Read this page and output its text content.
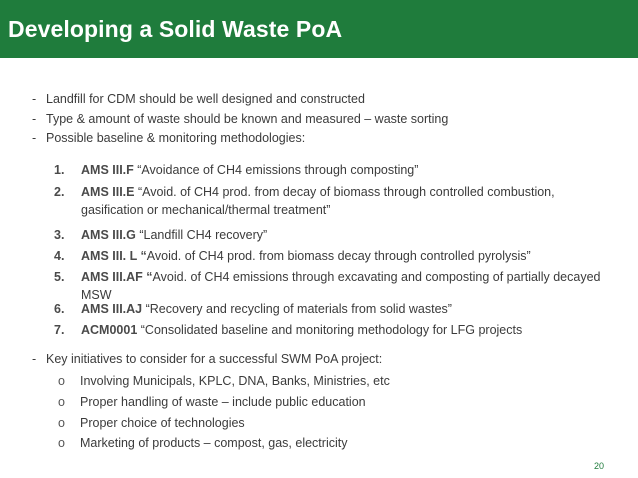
Developing a Solid Waste PoA
- Landfill for CDM should be well designed and constructed
- Type & amount of waste should be known and measured – waste sorting
- Possible baseline & monitoring methodologies:
1. AMS III.F “Avoidance of CH4 emissions through composting”
2. AMS III.E “Avoid. of CH4 prod. from decay of biomass through controlled combustion, gasification or mechanical/thermal treatment”
3. AMS III.G “Landfill CH4 recovery”
4. AMS III. L “Avoid. of CH4 prod. from biomass decay through controlled pyrolysis”
5. AMS III.AF “Avoid. of CH4 emissions through excavating and composting of partially decayed MSW
6. AMS III.AJ “Recovery and recycling of materials from solid wastes”
7. ACM0001 “Consolidated baseline and monitoring methodology for LFG projects
- Key initiatives to consider for a successful SWM PoA project:
o Involving Municipals, KPLC, DNA, Banks, Ministries, etc
o Proper handling of waste – include public education
o Proper choice of technologies
o Marketing of products – compost, gas, electricity
20
